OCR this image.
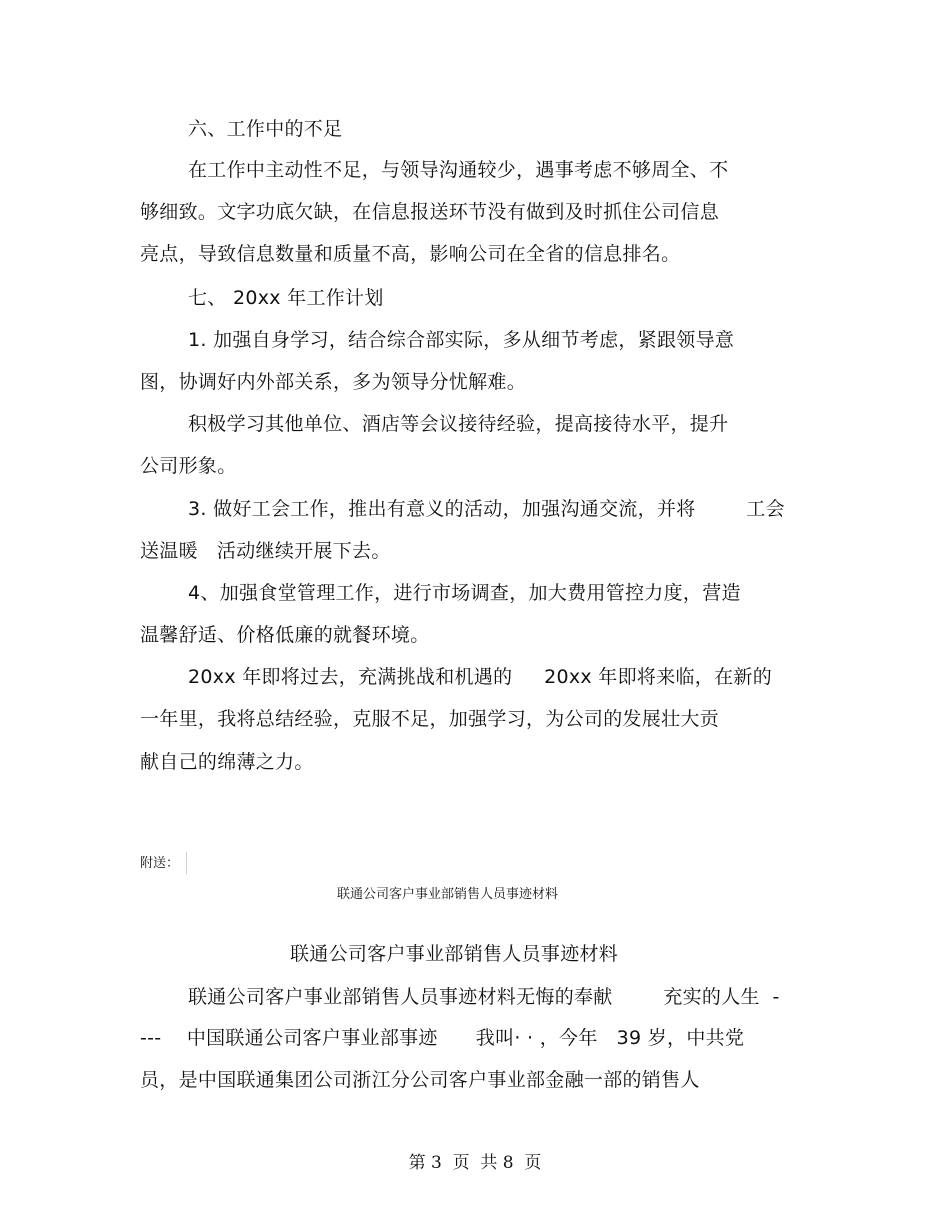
六、工作中的不足
在工作中主动性不足，与领导沟通较少，遇事考虑不够周全、不
够细致。文字功底欠缺，在信息报送环节没有做到及时抓住公司信息
亮点，导致信息数量和质量不高，影响公司在全省的信息排名。
七、 20xx 年工作计划
1. 加强自身学习，结合综合部实际，多从细节考虑，紧跟领导意
图，协调好内外部关系，多为领导分忧解难。
积极学习其他单位、酒店等会议接待经验，提高接待水平，提升
公司形象。
3. 做好工会工作，推出有意义的活动，加强沟通交流，并将        工会
送温暖   活动继续开展下去。
4、加强食堂管理工作，进行市场调查，加大费用管控力度，营造
温馨舒适、价格低廉的就餐环境。
20xx 年即将过去，充满挑战和机遇的     20xx 年即将来临，在新的
一年里，我将总结经验，克服不足，加强学习，为公司的发展壮大贡
献自己的绵薄之力。
附送：
联通公司客户事业部销售人员事迹材料
联通公司客户事业部销售人员事迹材料
联通公司客户事业部销售人员事迹材料无悔的奉献        充实的人生  -
---    中国联通公司客户事业部事迹      我叫· · ，今年   39 岁，中共党
员，是中国联通集团公司浙江分公司客户事业部金融一部的销售人
第 3  页  共 8  页
